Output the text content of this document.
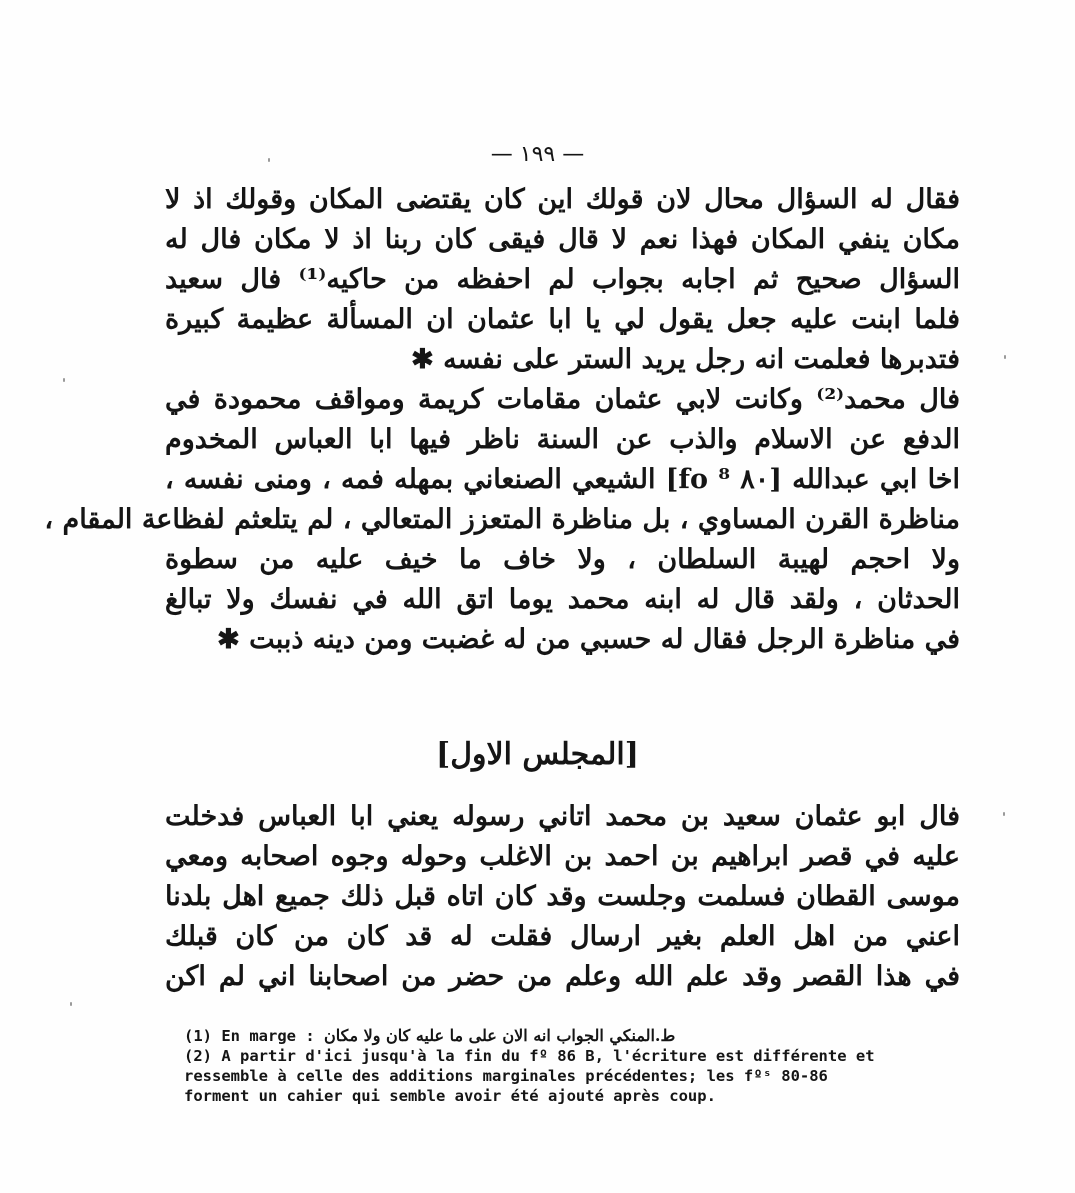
— ١٩٩ —
فقال له السؤال محال لان قولك اين كان يقتضى المكان وقولك اذ لا
مكان ينفي المكان فهذا نعم لا قال فيقى كان ربنا اذ لا مكان فال له
السؤال صحيح ثم اجابه بجواب لم احفظه من حاكيه⁽¹⁾ فال سعيد
فلما ابنت عليه جعل يقول لي يا ابا عثمان ان المسألة عظيمة كبيرة
فتدبرها فعلمت انه رجل يريد الستر على نفسه ✱
فال محمد⁽²⁾ وكانت لابي عثمان مقامات كريمة ومواقف محمودة في
الدفع عن الاسلام والذب عن السنة ناظر فيها ابا العباس المخدوم
اخا ابي عبدالله [٨٠ fo ⁸] الشيعي الصنعاني بمهله فمه ، ومنى نفسه ،
مناظرة القرن المساوي ، بل مناظرة المتعزز المتعالي ، لم يتلعثم لفظاعة المقام ،
ولا احجم لهيبة السلطان ، ولا خاف ما خيف عليه من سطوة
الحدثان ، ولقد قال له ابنه محمد يوما اتق الله في نفسك ولا تبالغ
في مناظرة الرجل فقال له حسبي من له غضبت ومن دينه ذببت ✱
[المجلس الاول]
فال ابو عثمان سعيد بن محمد اتاني رسوله يعني ابا العباس فدخلت
عليه في قصر ابراهيم بن احمد بن الاغلب وحوله وجوه اصحابه ومعي
موسى القطان فسلمت وجلست وقد كان اتاه قبل ذلك جميع اهل بلدنا
اعني من اهل العلم بغير ارسال فقلت له قد كان من كان قبلك
في هذا القصر وقد علم الله وعلم من حضر من اصحابنا اني لم اكن
(1) En marge : ط.المنكي الجواب انه الان على ما عليه كان ولا مكان
(2) A partir d'ici jusqu'à la fin du fº 86 B, l'écriture est différente et
ressemble à celle des additions marginales précédentes; les fºˢ 80-86
forment un cahier qui semble avoir été ajouté après coup.
